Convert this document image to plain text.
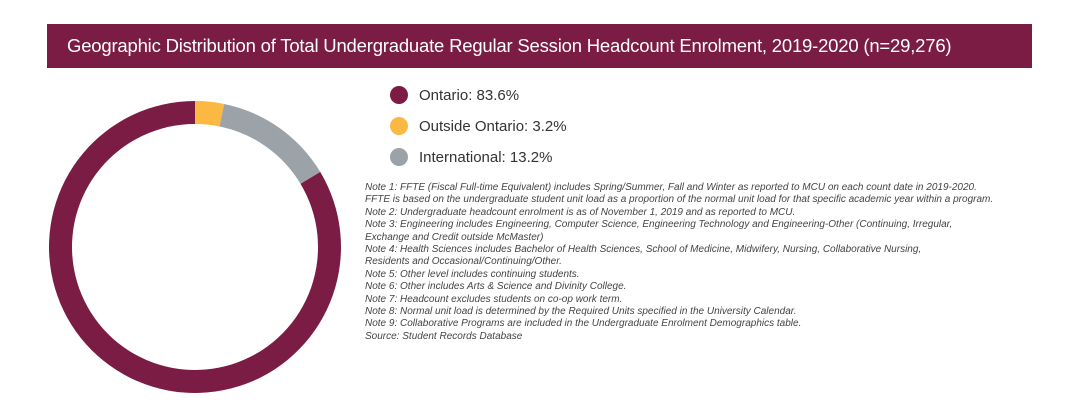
Geographic Distribution of Total Undergraduate Regular Session Headcount Enrolment, 2019-2020 (n=29,276)
Ontario: 83.6%
Outside Ontario: 3.2%
International: 13.2%
Note 1: FFTE (Fiscal Full-time Equivalent) includes Spring/Summer, Fall and Winter as reported to MCU on each count date in 2019-2020.
FFTE is based on the undergraduate student unit load as a proportion of the normal unit load for that specific academic year within a program.
Note 2: Undergraduate headcount enrolment is as of November 1, 2019 and as reported to MCU.
Note 3: Engineering includes Engineering, Computer Science, Engineering Technology and Engineering-Other (Continuing, Irregular,
Exchange and Credit outside McMaster)
Note 4: Health Sciences includes Bachelor of Health Sciences, School of Medicine, Midwifery, Nursing, Collaborative Nursing,
Residents and Occasional/Continuing/Other.
Note 5: Other level includes continuing students.
Note 6: Other includes Arts & Science and Divinity College.
Note 7: Headcount excludes students on co-op work term.
Note 8: Normal unit load is determined by the Required Units specified in the University Calendar.
Note 9: Collaborative Programs are included in the Undergraduate Enrolment Demographics table.
Source: Student Records Database
